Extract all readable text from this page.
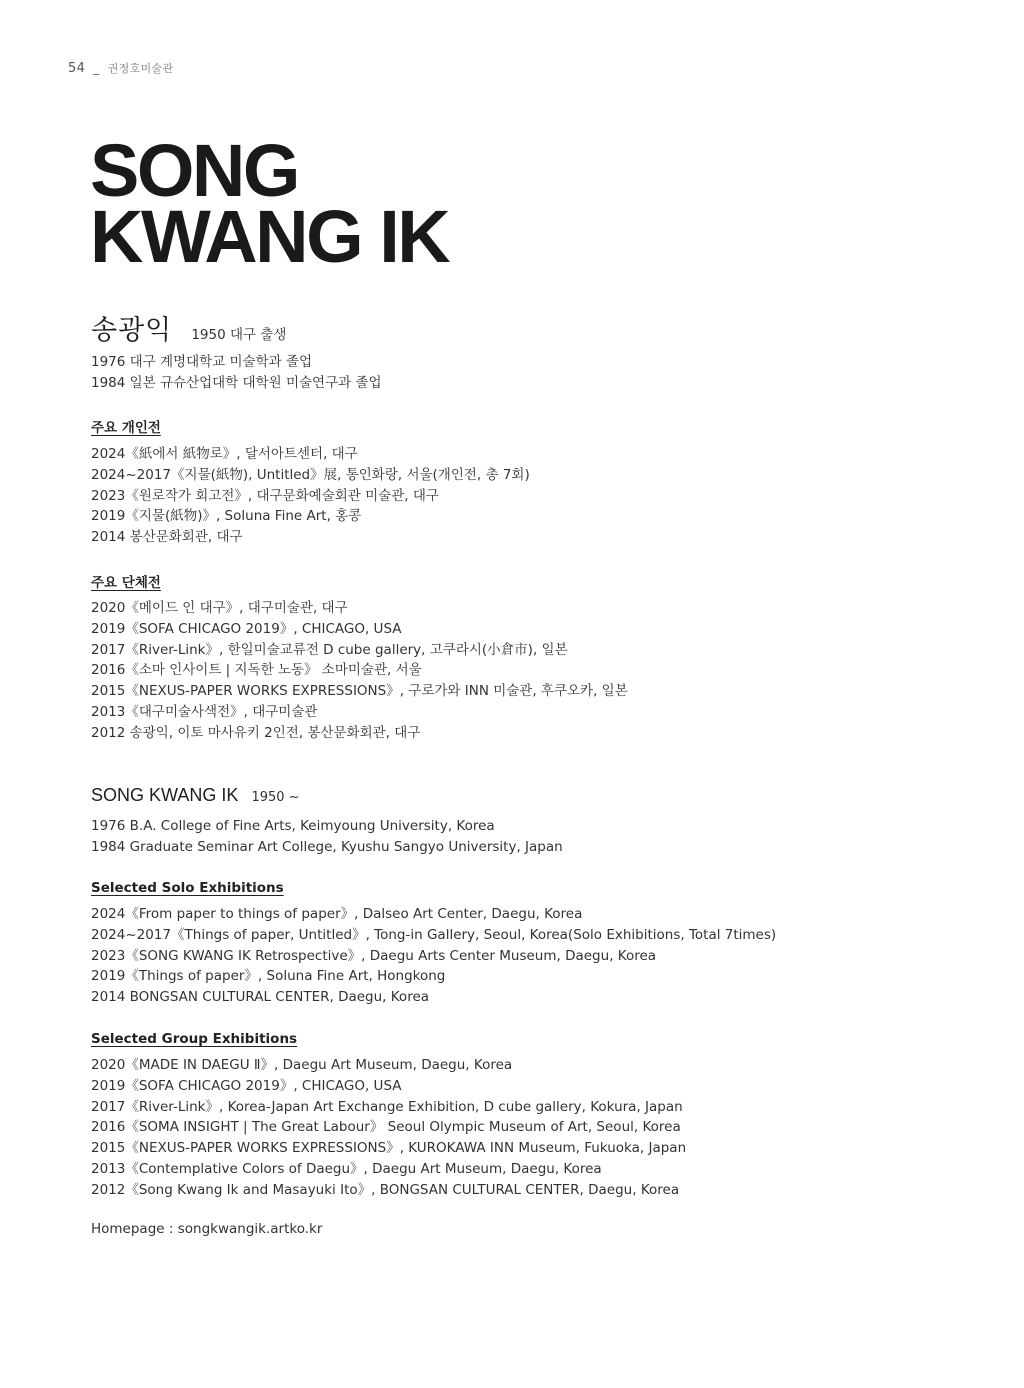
54 _ 권정호미술관
SONG
KWANG IK
송광익 1950 대구 출생
1976 대구 계명대학교 미술학과 졸업
1984 일본 규슈산업대학 대학원 미술연구과 졸업
주요 개인전
2024《紙에서 紙物로》, 달서아트센터, 대구
2024~2017《지물(紙物), Untitled》展, 통인화랑, 서울(개인전, 총 7회)
2023《원로작가 회고전》, 대구문화예술회관 미술관, 대구
2019《지물(紙物)》, Soluna Fine Art, 홍콩
2014 봉산문화회관, 대구
주요 단체전
2020《메이드 인 대구》, 대구미술관, 대구
2019《SOFA CHICAGO 2019》, CHICAGO, USA
2017《River-Link》, 한일미술교류전 D cube gallery, 고쿠라시(小倉市), 일본
2016《소마 인사이트 | 지독한 노동》 소마미술관, 서울
2015《NEXUS-PAPER WORKS EXPRESSIONS》, 구로가와 INN 미술관, 후쿠오카, 일본
2013《대구미술사색전》, 대구미술관
2012 송광익, 이토 마사유키 2인전, 봉산문화회관, 대구
SONG KWANG IK 1950 ~
1976 B.A. College of Fine Arts, Keimyoung University, Korea
1984 Graduate Seminar Art College, Kyushu Sangyo University, Japan
Selected Solo Exhibitions
2024《From paper to things of paper》, Dalseo Art Center, Daegu, Korea
2024~2017《Things of paper, Untitled》, Tong-in Gallery, Seoul, Korea(Solo Exhibitions, Total 7times)
2023《SONG KWANG IK Retrospective》, Daegu Arts Center Museum, Daegu, Korea
2019《Things of paper》, Soluna Fine Art, Hongkong
2014 BONGSAN CULTURAL CENTER, Daegu, Korea
Selected Group Exhibitions
2020《MADE IN DAEGU Ⅱ》, Daegu Art Museum, Daegu, Korea
2019《SOFA CHICAGO 2019》, CHICAGO, USA
2017《River-Link》, Korea-Japan Art Exchange Exhibition, D cube gallery, Kokura, Japan
2016《SOMA INSIGHT | The Great Labour》 Seoul Olympic Museum of Art, Seoul, Korea
2015《NEXUS-PAPER WORKS EXPRESSIONS》, KUROKAWA INN Museum, Fukuoka, Japan
2013《Contemplative Colors of Daegu》, Daegu Art Museum, Daegu, Korea
2012《Song Kwang Ik and Masayuki Ito》, BONGSAN CULTURAL CENTER, Daegu, Korea
Homepage : songkwangik.artko.kr
